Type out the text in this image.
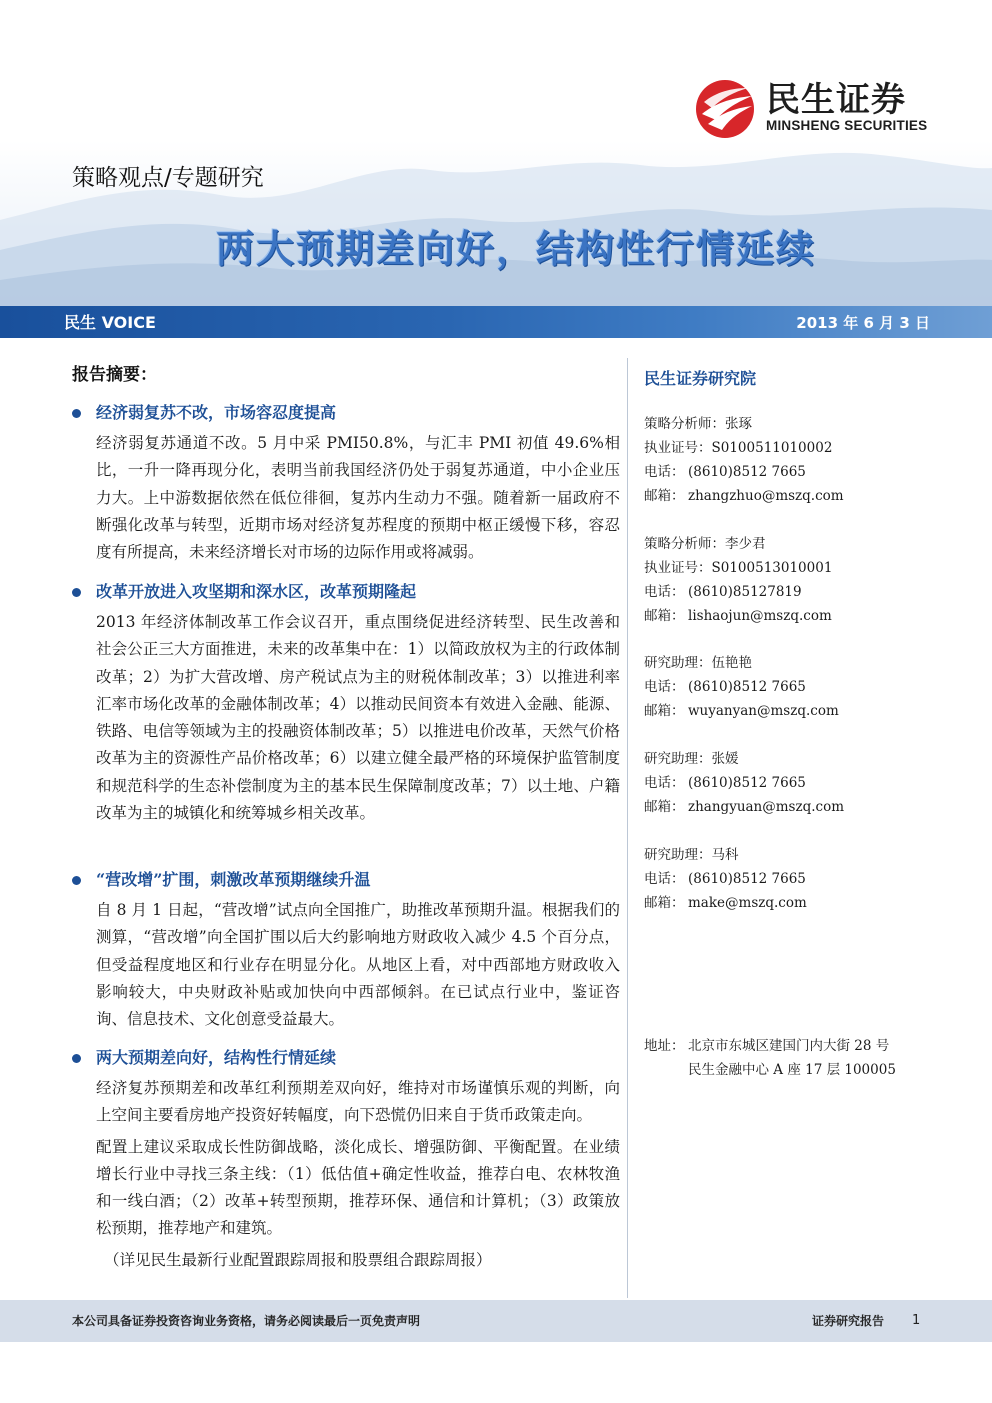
民生证券
MINSHENG SECURITIES
策略观点/专题研究
两大预期差向好，结构性行情延续
民生 VOICE	2013 年 6 月 3 日
报告摘要：
经济弱复苏不改，市场容忍度提高

经济弱复苏通道不改。5 月中采 PMI50.8%，与汇丰 PMI 初值 49.6%相比，一升一降再现分化，表明当前我国经济仍处于弱复苏通道，中小企业压力大。上中游数据依然在低位徘徊，复苏内生动力不强。随着新一届政府不断强化改革与转型，近期市场对经济复苏程度的预期中枢正缓慢下移，容忍度有所提高，未来经济增长对市场的边际作用或将减弱。

改革开放进入攻坚期和深水区，改革预期隆起

2013 年经济体制改革工作会议召开，重点围绕促进经济转型、民生改善和社会公正三大方面推进，未来的改革集中在：1）以简政放权为主的行政体制改革；2）为扩大营改增、房产税试点为主的财税体制改革；3）以推进利率汇率市场化改革的金融体制改革；4）以推动民间资本有效进入金融、能源、铁路、电信等领域为主的投融资体制改革；5）以推进电价改革，天然气价格改革为主的资源性产品价格改革；6）以建立健全最严格的环境保护监管制度和规范科学的生态补偿制度为主的基本民生保障制度改革；7）以土地、户籍改革为主的城镇化和统筹城乡相关改革。

“营改增”扩围，刺激改革预期继续升温

自 8 月 1 日起，“营改增”试点向全国推广，助推改革预期升温。根据我们的测算，“营改增”向全国扩围以后大约影响地方财政收入减少 4.5 个百分点，但受益程度地区和行业存在明显分化。从地区上看，对中西部地方财政收入影响较大，中央财政补贴或加快向中西部倾斜。在已试点行业中，鉴证咨询、信息技术、文化创意受益最大。

两大预期差向好，结构性行情延续

经济复苏预期差和改革红利预期差双向好，维持对市场谨慎乐观的判断，向上空间主要看房地产投资好转幅度，向下恐慌仍旧来自于货币政策走向。

配置上建议采取成长性防御战略，淡化成长、增强防御、平衡配置。在业绩增长行业中寻找三条主线：（1）低估值+确定性收益，推荐白电、农林牧渔和一线白酒；（2）改革+转型预期，推荐环保、通信和计算机；（3）政策放松预期，推荐地产和建筑。

（详见民生最新行业配置跟踪周报和股票组合跟踪周报）

民生证券研究院
策略分析师：张琢
执业证号：S0100511010002
电话： (8610)8512 7665
邮箱： zhangzhuo@mszq.com
策略分析师：李少君
执业证号：S0100513010001
电话： (8610)85127819
邮箱： lishaojun@mszq.com
研究助理：伍艳艳
电话： (8610)8512 7665
邮箱： wuyanyan@mszq.com
研究助理：张媛
电话： (8610)8512 7665
邮箱： zhangyuan@mszq.com
研究助理：马科
电话： (8610)8512 7665
邮箱： make@mszq.com
地址： 北京市东城区建国门内大街 28 号
民生金融中心 A 座 17 层 100005
本公司具备证券投资咨询业务资格，请务必阅读最后一页免责声明	证券研究报告 1
